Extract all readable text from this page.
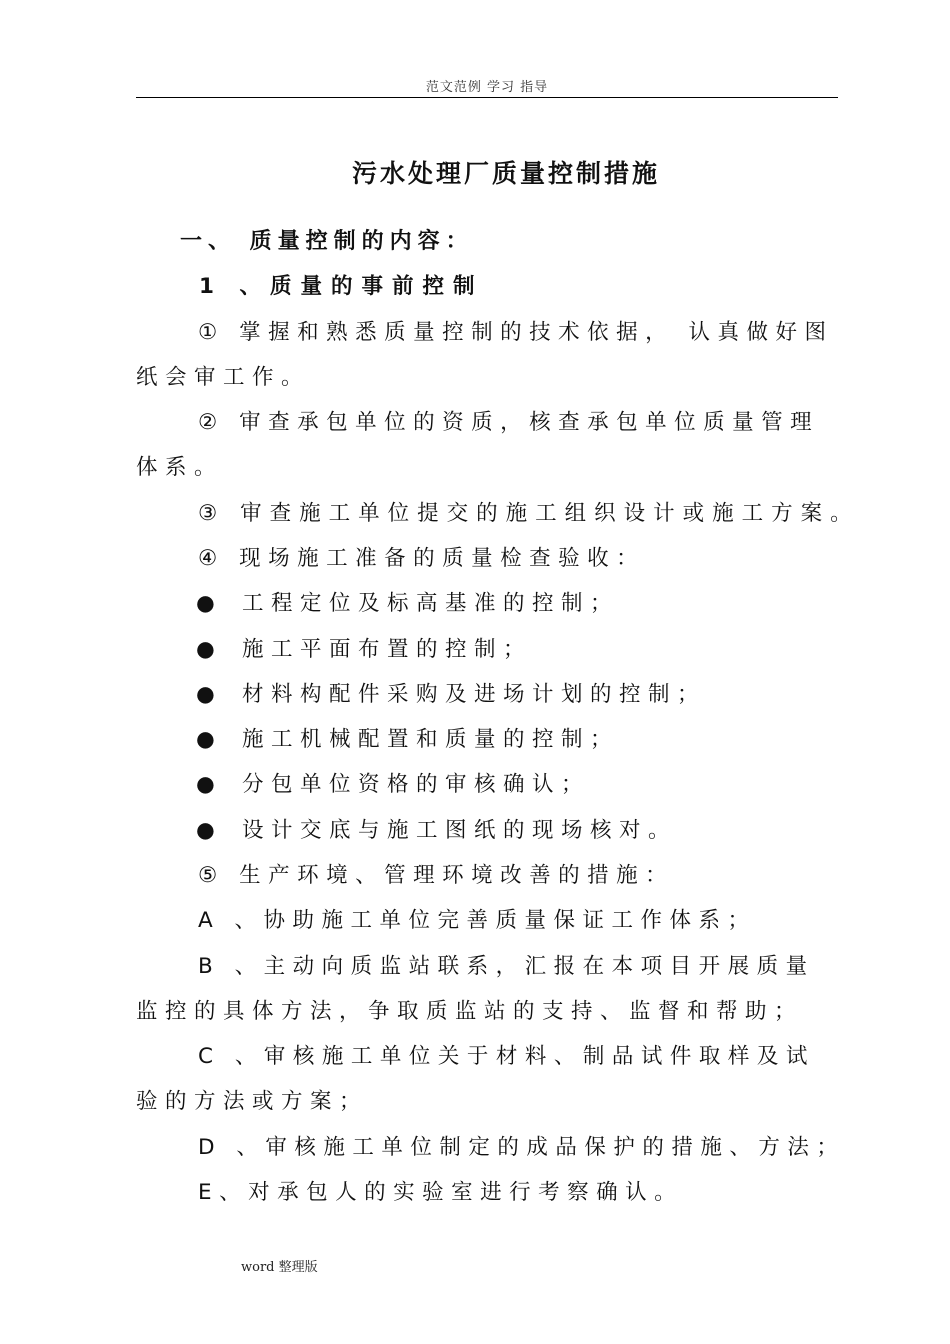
范文范例 学习 指导
污水处理厂质量控制措施
一、 质量控制的内容：
1 、质量的事前控制
① 掌握和熟悉质量控制的技术依据， 认真做好图
纸会审工作。
② 审查承包单位的资质，核查承包单位质量管理
体系。
③ 审查施工单位提交的施工组织设计或施工方案。
④ 现场施工准备的质量检查验收：
● 工程定位及标高基准的控制；
● 施工平面布置的控制；
● 材料构配件采购及进场计划的控制；
● 施工机械配置和质量的控制；
● 分包单位资格的审核确认；
● 设计交底与施工图纸的现场核对。
⑤ 生产环境、管理环境改善的措施：
A 、协助施工单位完善质量保证工作体系；
B 、主动向质监站联系，汇报在本项目开展质量
监控的具体方法，争取质监站的支持、监督和帮助；
C 、审核施工单位关于材料、制品试件取样及试
验的方法或方案；
D 、审核施工单位制定的成品保护的措施、方法；
E、对承包人的实验室进行考察确认。
word 整理版
